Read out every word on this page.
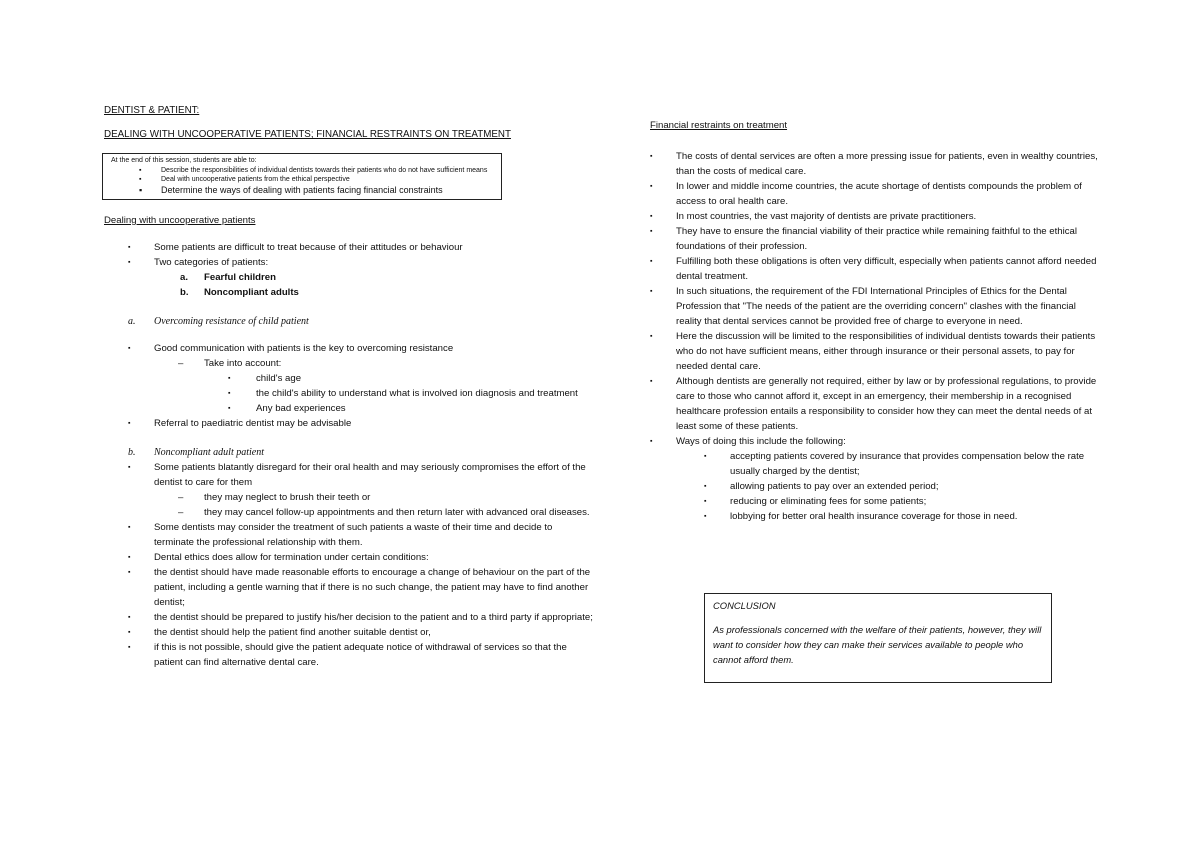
DENTIST & PATIENT:

DEALING WITH UNCOOPERATIVE PATIENTS; FINANCIAL RESTRAINTS ON TREATMENT

At the end of this session, students are able to:
▪	Describe the responsibilities of individual dentists towards their patients who do not have sufficient means
▪	Deal with uncooperative patients from the ethical perspective
▪ Determine the ways of dealing with patients facing financial constraints
Dealing with uncooperative patients
▪ Some patients are difficult to treat because of their attitudes or behaviour
▪ Two categories of patients:
a. Fearful children
b. Noncompliant adults
a. Overcoming resistance of child patient
▪ Good communication with patients is the key to overcoming resistance
– Take into account:
▪	child's age
▪	the child's ability to understand what is involved ion diagnosis and treatment
▪	Any bad experiences
▪ Referral to paediatric dentist may be advisable
b. Noncompliant adult patient
▪ Some patients blatantly disregard for their oral health and may seriously compromises the effort of the dentist to care for them
– they may neglect to brush their teeth or
– they may cancel follow-up appointments and then return later with advanced oral diseases.
▪ Some dentists may consider the treatment of such patients a waste of their time and decide to terminate the professional relationship with them.
▪ Dental ethics does allow for termination under certain conditions:
▪ the dentist should have made reasonable efforts to encourage a change of behaviour on the part of the patient, including a gentle warning that if there is no such change, the patient may have to find another dentist;
▪ the dentist should be prepared to justify his/her decision to the patient and to a third party if appropriate;
▪ the dentist should help the patient find another suitable dentist or,
▪ if this is not possible, should give the patient adequate notice of withdrawal of services so that the patient can find alternative dental care.
Financial restraints on treatment
▪ The costs of dental services are often a more pressing issue for patients, even in wealthy countries, than the costs of medical care.
▪ In lower and middle income countries, the acute shortage of dentists compounds the problem of access to oral health care.
▪ In most countries, the vast majority of dentists are private practitioners.
▪ They have to ensure the financial viability of their practice while remaining faithful to the ethical foundations of their profession.
▪ Fulfilling both these obligations is often very difficult, especially when patients cannot afford needed dental treatment.
▪ In such situations, the requirement of the FDI International Principles of Ethics for the Dental Profession that "The needs of the patient are the overriding concern" clashes with the financial reality that dental services cannot be provided free of charge to everyone in need.
▪ Here the discussion will be limited to the responsibilities of individual dentists towards their patients who do not have sufficient means, either through insurance or their personal assets, to pay for needed dental care.
▪ Although dentists are generally not required, either by law or by professional regulations, to provide care to those who cannot afford it, except in an emergency, their membership in a recognised healthcare profession entails a responsibility to consider how they can meet the dental needs of at least some of these patients.
▪ Ways of doing this include the following:
▪ accepting patients covered by insurance that provides compensation below the rate usually charged by the dentist;
▪ allowing patients to pay over an extended period;
▪ reducing or eliminating fees for some patients;
▪ lobbying for better oral health insurance coverage for those in need.
CONCLUSION
As professionals concerned with the welfare of their patients, however, they will want to consider how they can make their services available to people who cannot afford them.
